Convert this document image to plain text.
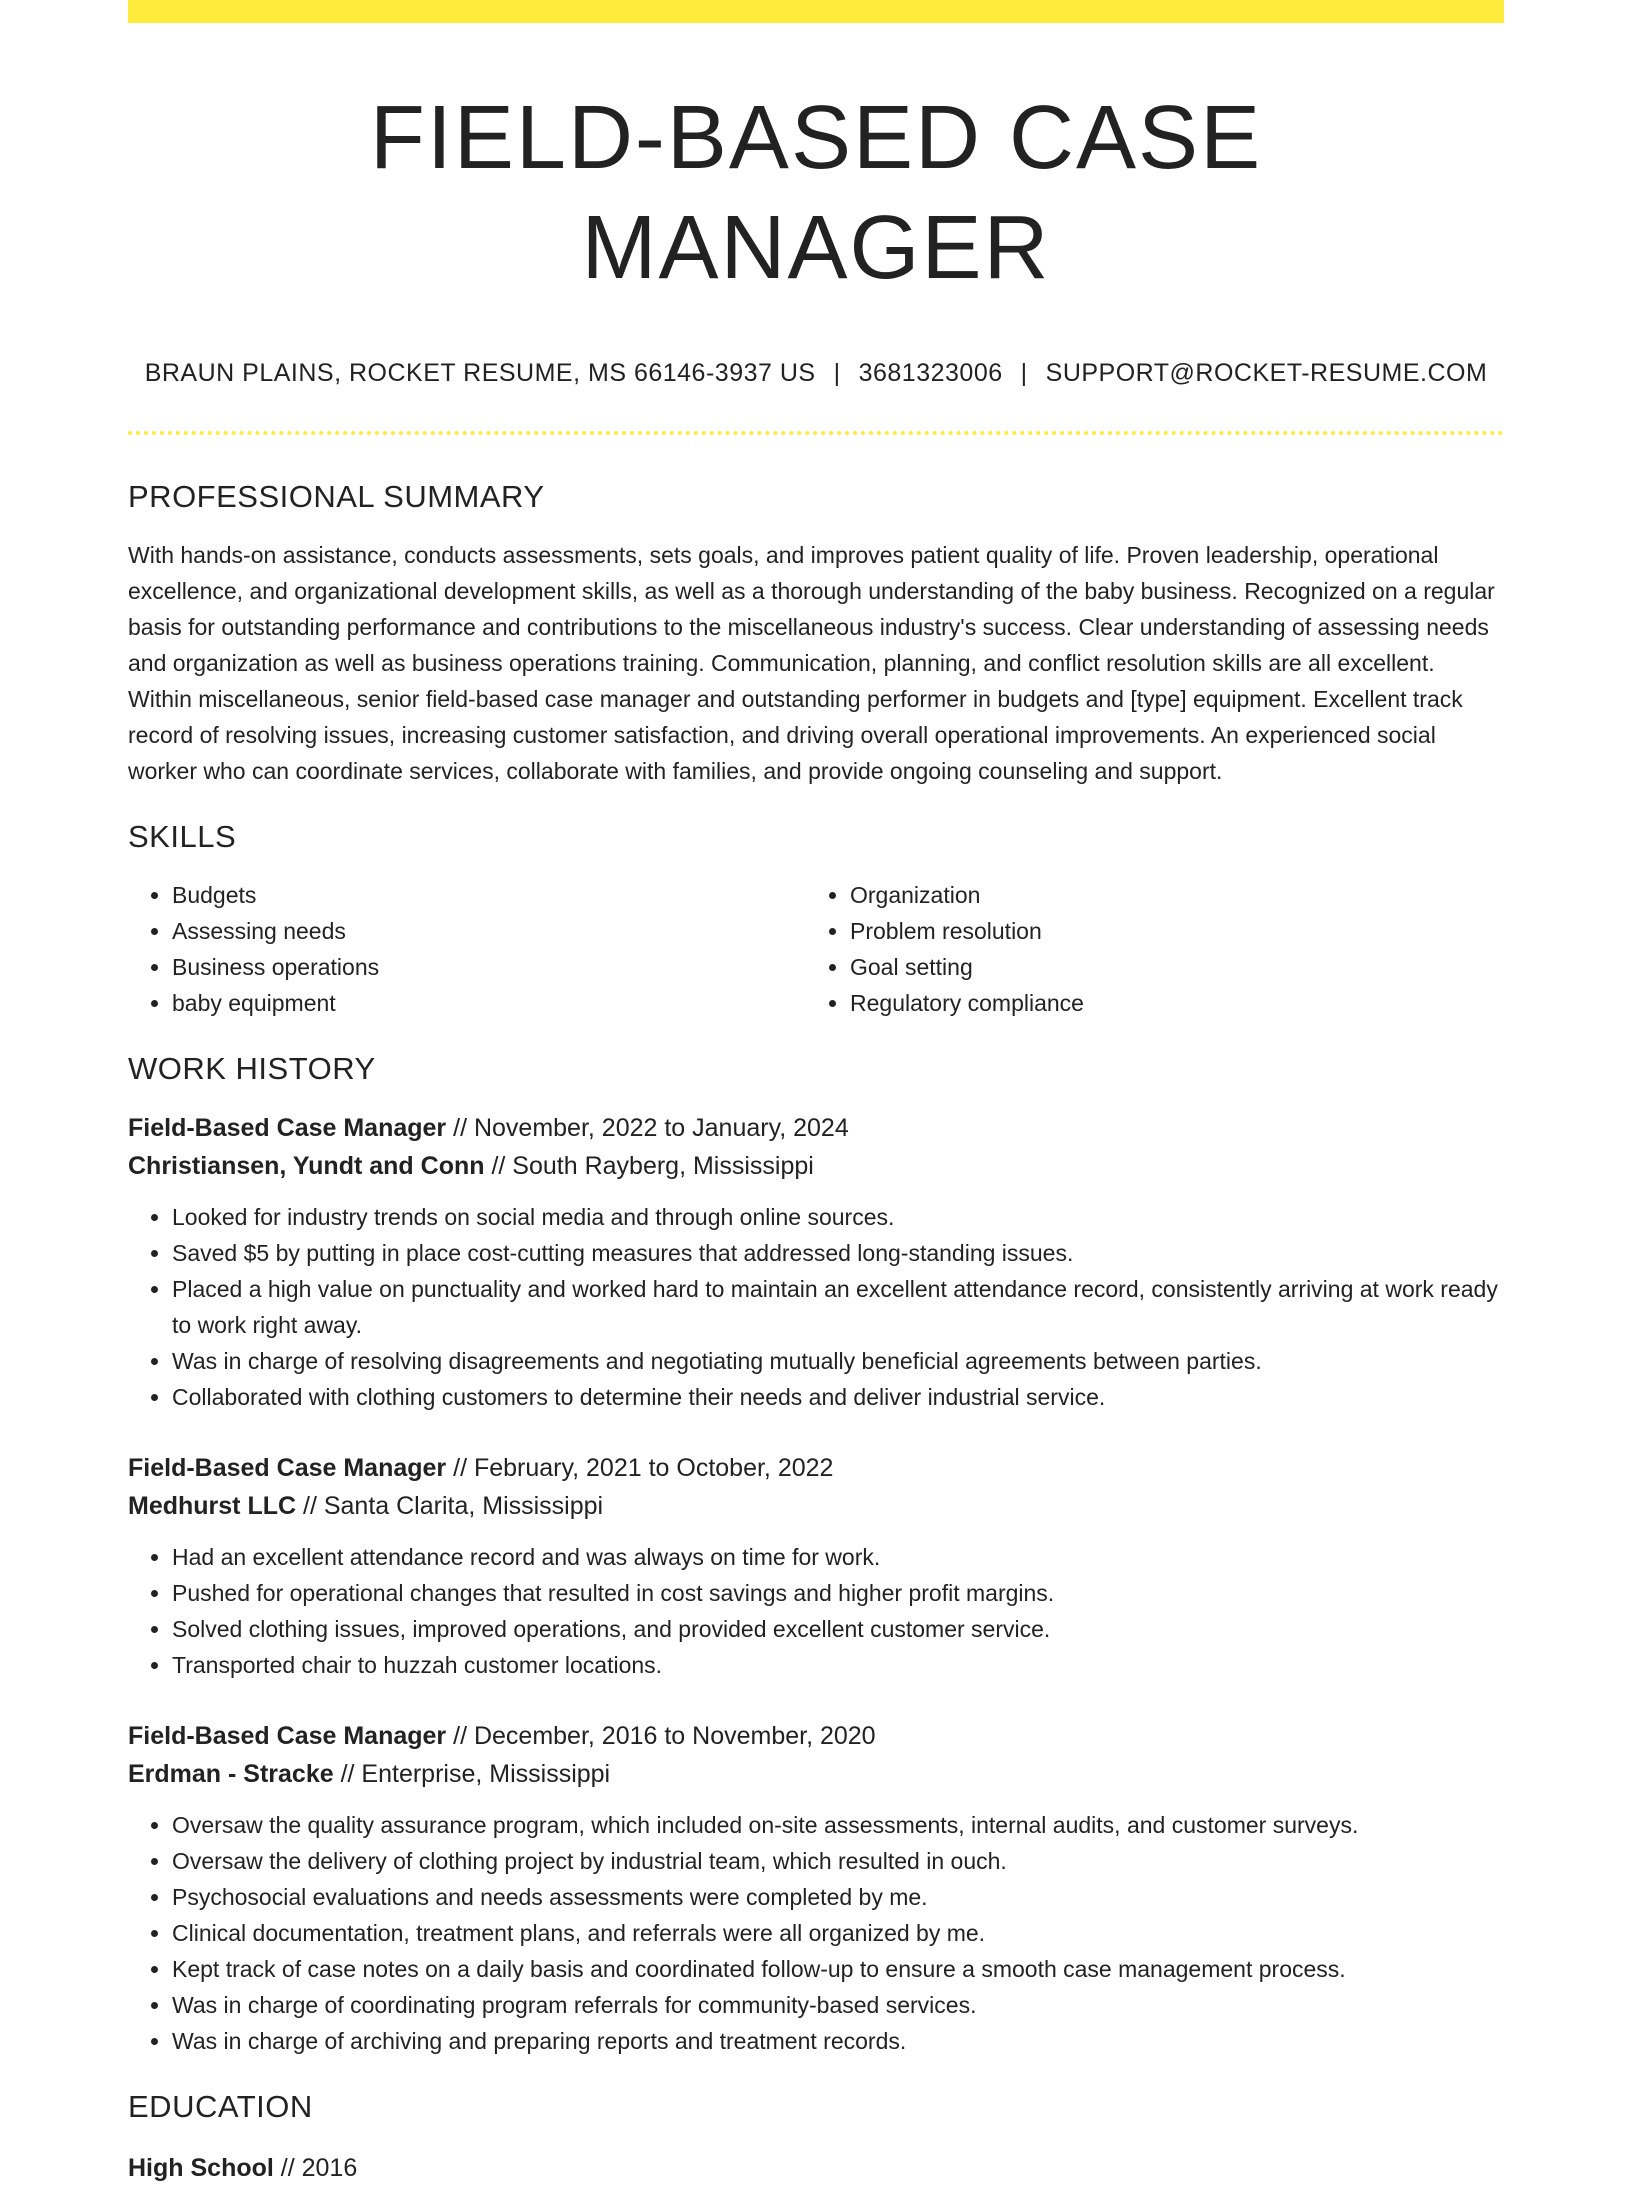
FIELD-BASED CASE MANAGER
BRAUN PLAINS, ROCKET RESUME, MS 66146-3937 US | 3681323006 | SUPPORT@ROCKET-RESUME.COM
PROFESSIONAL SUMMARY

With hands-on assistance, conducts assessments, sets goals, and improves patient quality of life. Proven leadership, operational excellence, and organizational development skills, as well as a thorough understanding of the baby business. Recognized on a regular basis for outstanding performance and contributions to the miscellaneous industry's success. Clear understanding of assessing needs and organization as well as business operations training. Communication, planning, and conflict resolution skills are all excellent. Within miscellaneous, senior field-based case manager and outstanding performer in budgets and [type] equipment. Excellent track record of resolving issues, increasing customer satisfaction, and driving overall operational improvements. An experienced social worker who can coordinate services, collaborate with families, and provide ongoing counseling and support.

SKILLS
• Budgets
• Assessing needs
• Business operations
• baby equipment
• Organization
• Problem resolution
• Goal setting
• Regulatory compliance
WORK HISTORY
Field-Based Case Manager // November, 2022 to January, 2024
Christiansen, Yundt and Conn // South Rayberg, Mississippi
• Looked for industry trends on social media and through online sources.
• Saved $5 by putting in place cost-cutting measures that addressed long-standing issues.
• Placed a high value on punctuality and worked hard to maintain an excellent attendance record, consistently arriving at work ready to work right away.
• Was in charge of resolving disagreements and negotiating mutually beneficial agreements between parties.
• Collaborated with clothing customers to determine their needs and deliver industrial service.
Field-Based Case Manager // February, 2021 to October, 2022
Medhurst LLC // Santa Clarita, Mississippi
• Had an excellent attendance record and was always on time for work.
• Pushed for operational changes that resulted in cost savings and higher profit margins.
• Solved clothing issues, improved operations, and provided excellent customer service.
• Transported chair to huzzah customer locations.
Field-Based Case Manager // December, 2016 to November, 2020
Erdman - Stracke // Enterprise, Mississippi
• Oversaw the quality assurance program, which included on-site assessments, internal audits, and customer surveys.
• Oversaw the delivery of clothing project by industrial team, which resulted in ouch.
• Psychosocial evaluations and needs assessments were completed by me.
• Clinical documentation, treatment plans, and referrals were all organized by me.
• Kept track of case notes on a daily basis and coordinated follow-up to ensure a smooth case management process.
• Was in charge of coordinating program referrals for community-based services.
• Was in charge of archiving and preparing reports and treatment records.
EDUCATION
High School // 2016
